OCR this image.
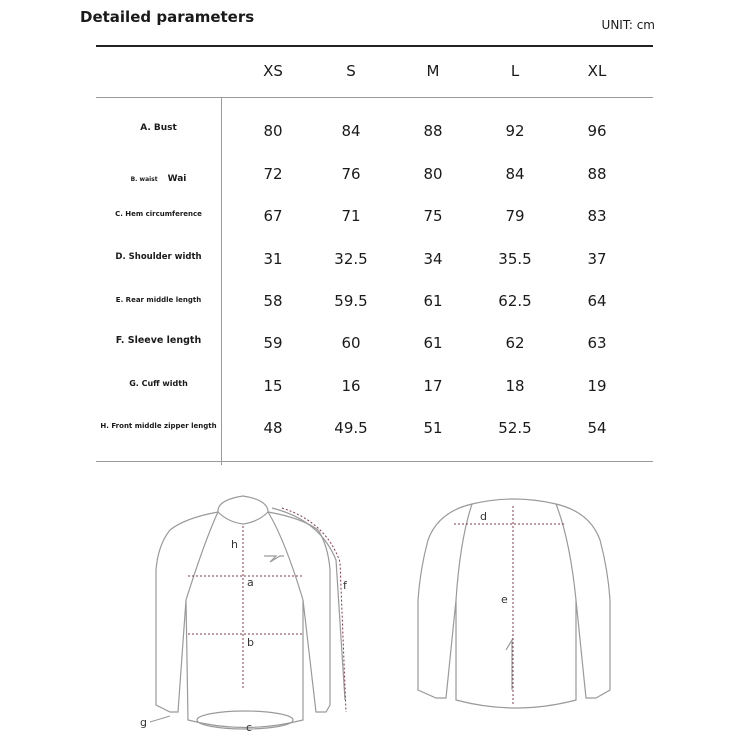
Detailed parameters	UNIT: cm
XS	S	M	L	XL
A. Bust	80	84	88	92	96
B. waist Wai	72	76	80	84	88
C. Hem circumference	67	71	75	79	83
D. Shoulder width	31	32.5	34	35.5	37
E. Rear middle length	58	59.5	61	62.5	64
F. Sleeve length	59	60	61	62	63
G. Cuff width	15	16	17	18	19
H. Front middle zipper length	48	49.5	51	52.5	54
h
a
b
c
f
g
d
e
